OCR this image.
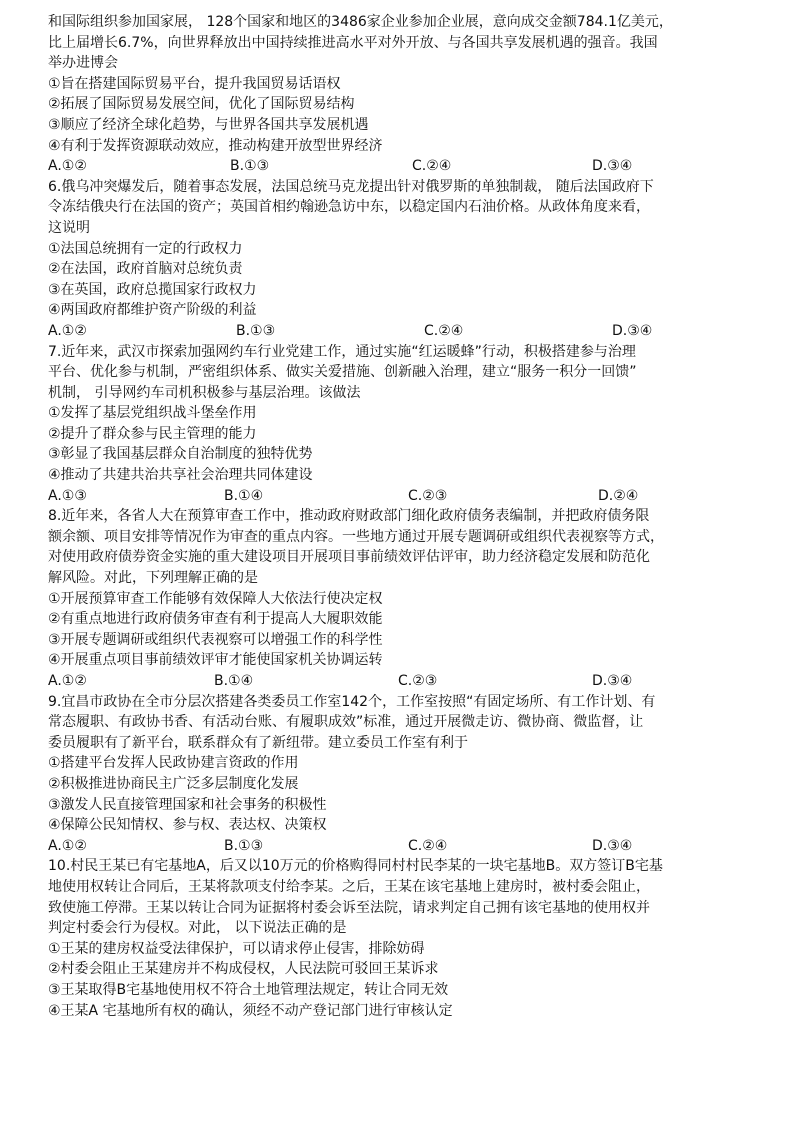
和国际组织参加国家展， 128个国家和地区的3486家企业参加企业展，意向成交金额784.1亿美元，
比上届增长6.7%，向世界释放出中国持续推进高水平对外开放、与各国共享发展机遇的强音。我国
举办进博会
①旨在搭建国际贸易平台，提升我国贸易话语权
②拓展了国际贸易发展空间，优化了国际贸易结构
③顺应了经济全球化趋势，与世界各国共享发展机遇
④有利于发挥资源联动效应，推动构建开放型世界经济
A.①②	B.①③	C.②④	D.③④
6.俄乌冲突爆发后，随着事态发展，法国总统马克龙提出针对俄罗斯的单独制裁， 随后法国政府下
令冻结俄央行在法国的资产；英国首相约翰逊急访中东，以稳定国内石油价格。从政体角度来看，
这说明
①法国总统拥有一定的行政权力
②在法国，政府首脑对总统负责
③在英国，政府总揽国家行政权力
④两国政府都维护资产阶级的利益
A.①②	B.①③	C.②④	D.③④
7.近年来，武汉市探索加强网约车行业党建工作，通过实施“红运暖蜂”行动，积极搭建参与治理
平台、优化参与机制，严密组织体系、做实关爱措施、创新融入治理，建立“服务一积分一回馈”
机制， 引导网约车司机积极参与基层治理。该做法
①发挥了基层党组织战斗堡垒作用
②提升了群众参与民主管理的能力
③彰显了我国基层群众自治制度的独特优势
④推动了共建共治共享社会治理共同体建设
A.①③	B.①④	C.②③	D.②④
8.近年来，各省人大在预算审查工作中，推动政府财政部门细化政府债务表编制，并把政府债务限
额余额、项目安排等情况作为审查的重点内容。一些地方通过开展专题调研或组织代表视察等方式，
对使用政府债券资金实施的重大建设项目开展项目事前绩效评估评审，助力经济稳定发展和防范化
解风险。对此，下列理解正确的是
①开展预算审查工作能够有效保障人大依法行使决定权
②有重点地进行政府债务审查有利于提高人大履职效能
③开展专题调研或组织代表视察可以增强工作的科学性
④开展重点项目事前绩效评审才能使国家机关协调运转
A.①②	B.①④	C.②③	D.③④
9.宜昌市政协在全市分层次搭建各类委员工作室142个，工作室按照“有固定场所、有工作计划、有
常态履职、有政协书香、有活动台账、有履职成效”标准，通过开展微走访、微协商、微监督，让
委员履职有了新平台，联系群众有了新纽带。建立委员工作室有利于
①搭建平台发挥人民政协建言资政的作用
②积极推进协商民主广泛多层制度化发展
③激发人民直接管理国家和社会事务的积极性
④保障公民知情权、参与权、表达权、决策权
A.①②	B.①③	C.②④	D.③④
10.村民王某已有宅基地A，后又以10万元的价格购得同村村民李某的一块宅基地B。双方签订B宅基
地使用权转让合同后，王某将款项支付给李某。之后，王某在该宅基地上建房时，被村委会阻止，
致使施工停滞。王某以转让合同为证据将村委会诉至法院，请求判定自己拥有该宅基地的使用权并
判定村委会行为侵权。对此， 以下说法正确的是
①王某的建房权益受法律保护，可以请求停止侵害，排除妨碍
②村委会阻止王某建房并不构成侵权，人民法院可驳回王某诉求
③王某取得B宅基地使用权不符合土地管理法规定，转让合同无效
④王某A 宅基地所有权的确认，须经不动产登记部门进行审核认定
